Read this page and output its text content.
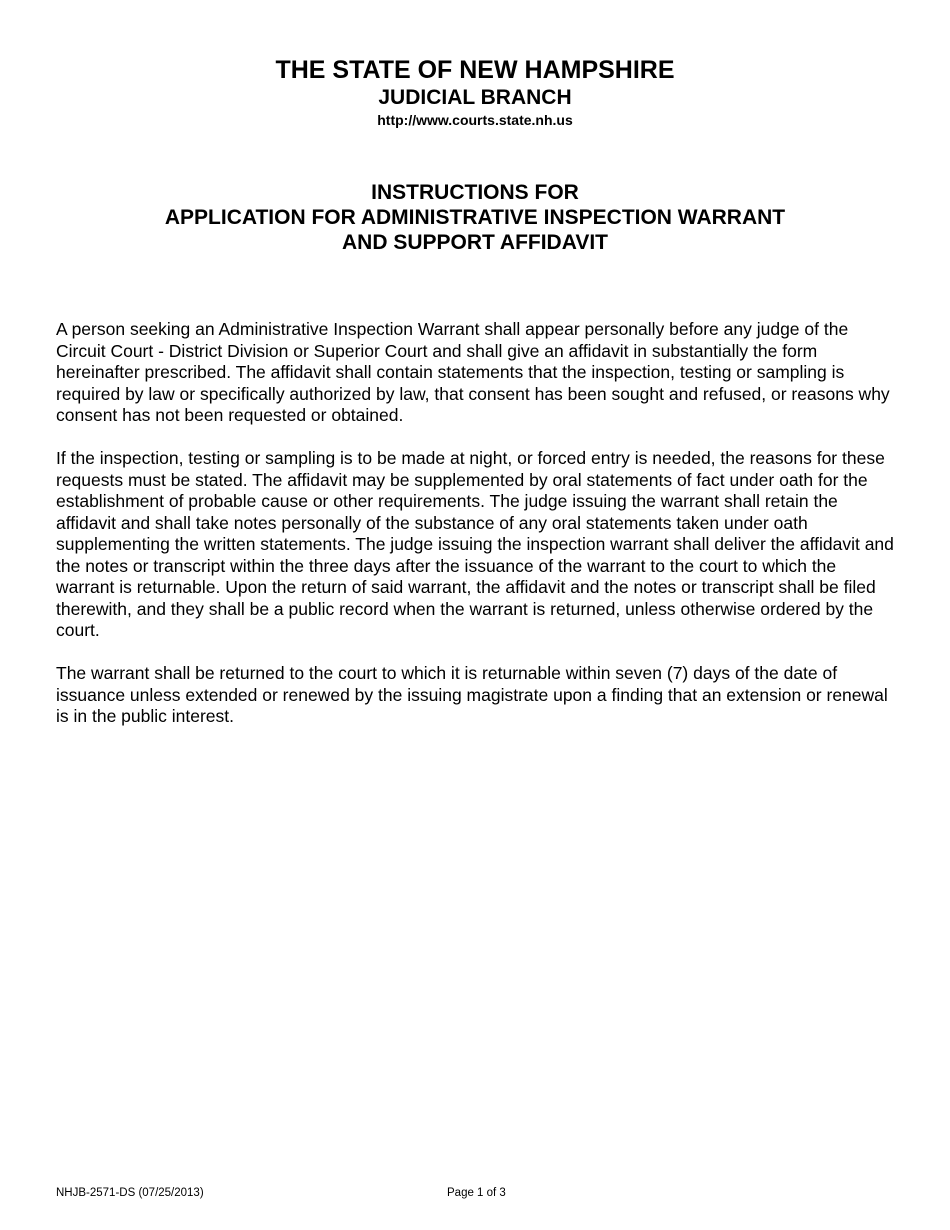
THE STATE OF NEW HAMPSHIRE

JUDICIAL BRANCH

http://www.courts.state.nh.us

INSTRUCTIONS FOR

APPLICATION FOR ADMINISTRATIVE INSPECTION WARRANT

AND SUPPORT AFFIDAVIT

A person seeking an Administrative Inspection Warrant shall appear personally before any judge of the Circuit Court - District Division or Superior Court and shall give an affidavit in substantially the form hereinafter prescribed. The affidavit shall contain statements that the inspection, testing or sampling is required by law or specifically authorized by law, that consent has been sought and refused, or reasons why consent has not been requested or obtained.

If the inspection, testing or sampling is to be made at night, or forced entry is needed, the reasons for these requests must be stated. The affidavit may be supplemented by oral statements of fact under oath for the establishment of probable cause or other requirements. The judge issuing the warrant shall retain the affidavit and shall take notes personally of the substance of any oral statements taken under oath supplementing the written statements. The judge issuing the inspection warrant shall deliver the affidavit and the notes or transcript within the three days after the issuance of the warrant to the court to which the warrant is returnable. Upon the return of said warrant, the affidavit and the notes or transcript shall be filed therewith, and they shall be a public record when the warrant is returned, unless otherwise ordered by the court.

The warrant shall be returned to the court to which it is returnable within seven (7) days of the date of issuance unless extended or renewed by the issuing magistrate upon a finding that an extension or renewal is in the public interest.

NHJB-2571-DS (07/25/2013)	Page 1 of 3
